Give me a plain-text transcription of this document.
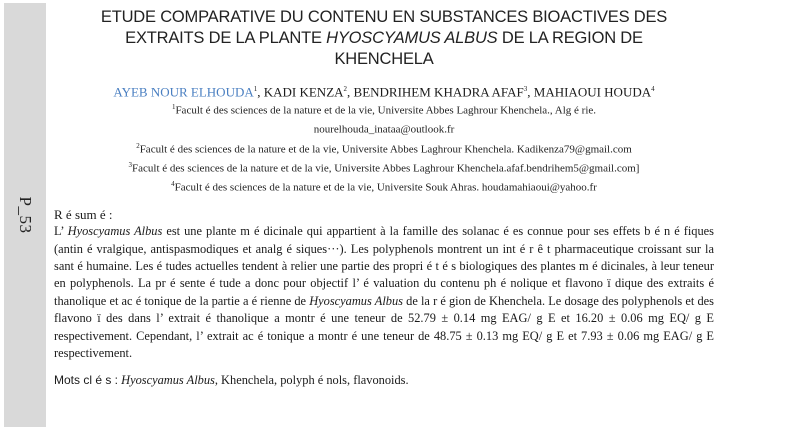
P_53
ETUDE COMPARATIVE DU CONTENU EN SUBSTANCES BIOACTIVES DES
EXTRAITS DE LA PLANTE HYOSCYAMUS ALBUS DE LA REGION DE
KHENCHELA
AYEB NOUR ELHOUDA$^1$, KADI KENZA$^2$, BENDRIHEM KHADRA AFAF$^3$, MAHIAOUI HOUDA$^4$
$^1$Facult é des sciences de la nature et de la vie, Universite Abbes Laghrour Khenchela., Alg é rie.
nourelhouda_inataa@outlook.fr
$^2$Facult é des sciences de la nature et de la vie, Universite Abbes Laghrour Khenchela. Kadikenza79@gmail.com
$^3$Facult é des sciences de la nature et de la vie, Universite Abbes Laghrour Khenchela.afaf.bendrihem5@gmail.com]
$^4$Facult é des sciences de la nature et de la vie, Universite Souk Ahras. houdamahiaoui@yahoo.fr
R é sum é :

L’ Hyoscyamus Albus est une plante m é dicinale qui appartient à la famille des solanac é es connue pour ses effets b é n é fiques (antin é vralgique, antispasmodiques et analg é siques···). Les polyphenols montrent un int é r ê t pharmaceutique croissant sur la sant é humaine. Les é tudes actuelles tendent à relier une partie des propri é t é s biologiques des plantes m é dicinales, à leur teneur en polyphenols. La pr é sente é tude a donc pour objectif l’ é valuation du contenu ph é nolique et flavono ï dique des extraits é thanolique et ac é tonique de la partie a é rienne de Hyoscyamus Albus de la r é gion de Khenchela. Le dosage des polyphenols et des flavono ï des dans l’ extrait é thanolique a montr é une teneur de 52.79 ± 0.14 mg EAG/ g E et 16.20 ± 0.06 mg EQ/ g E respectivement. Cependant, l’ extrait ac é tonique a montr é une teneur de 48.75 ± 0.13 mg EQ/ g E et 7.93 ± 0.06 mg EAG/ g E respectivement.

Mots cl é s : Hyoscyamus Albus, Khenchela, polyph é nols, flavonoids.
